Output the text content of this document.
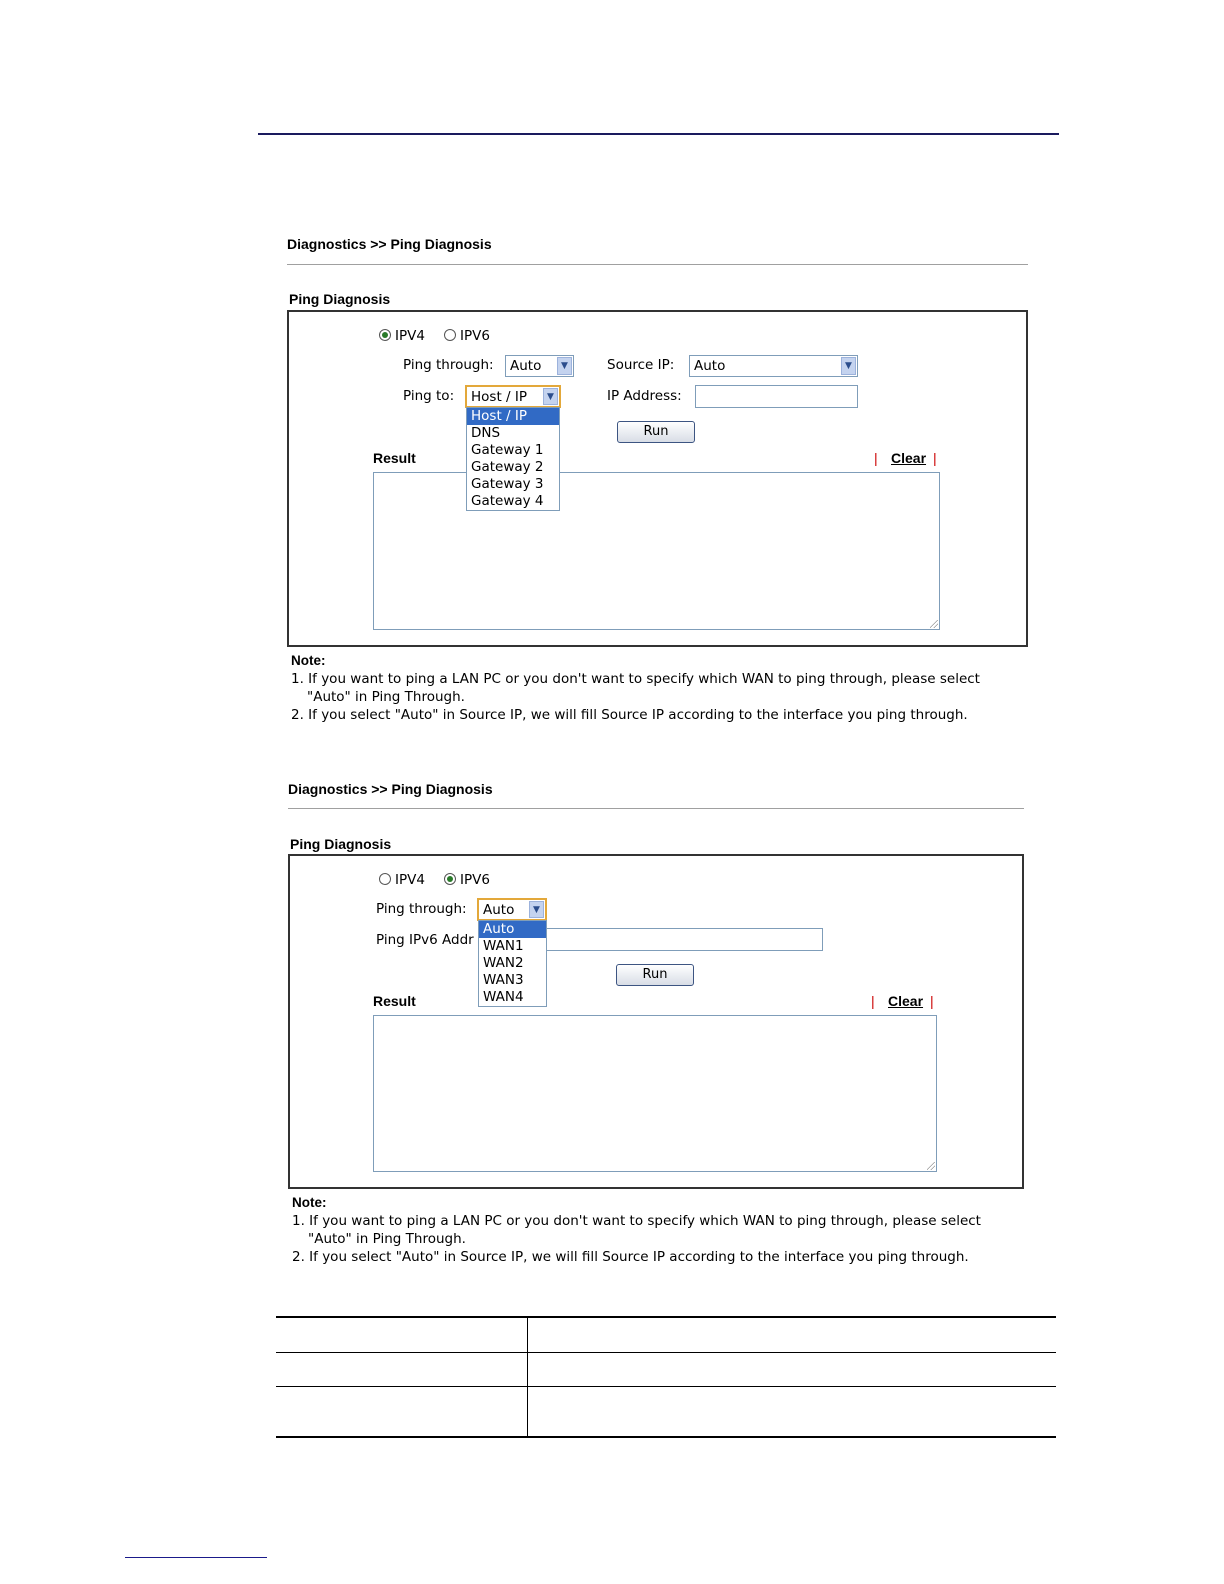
Diagnostics >> Ping Diagnosis
Ping Diagnosis
IPV4	IPV6
Ping through: Auto	▼	Source IP: Auto	▼
Ping to: Host / IP	▼	IP Address:
Run
Result	| Clear |
Host / IP
DNS
Gateway 1
Gateway 2
Gateway 3
Gateway 4
Note:
1. If you want to ping a LAN PC or you don't want to specify which WAN to ping through, please select
"Auto" in Ping Through.
2. If you select "Auto" in Source IP, we will fill Source IP according to the interface you ping through.
Diagnostics >> Ping Diagnosis
Ping Diagnosis
IPV4	IPV6
Ping through: Auto	▼
Ping IPv6 Addr
Run
Result	| Clear |
Auto
WAN1
WAN2
WAN3
WAN4
Note:
1. If you want to ping a LAN PC or you don't want to specify which WAN to ping through, please select
"Auto" in Ping Through.
2. If you select "Auto" in Source IP, we will fill Source IP according to the interface you ping through.
